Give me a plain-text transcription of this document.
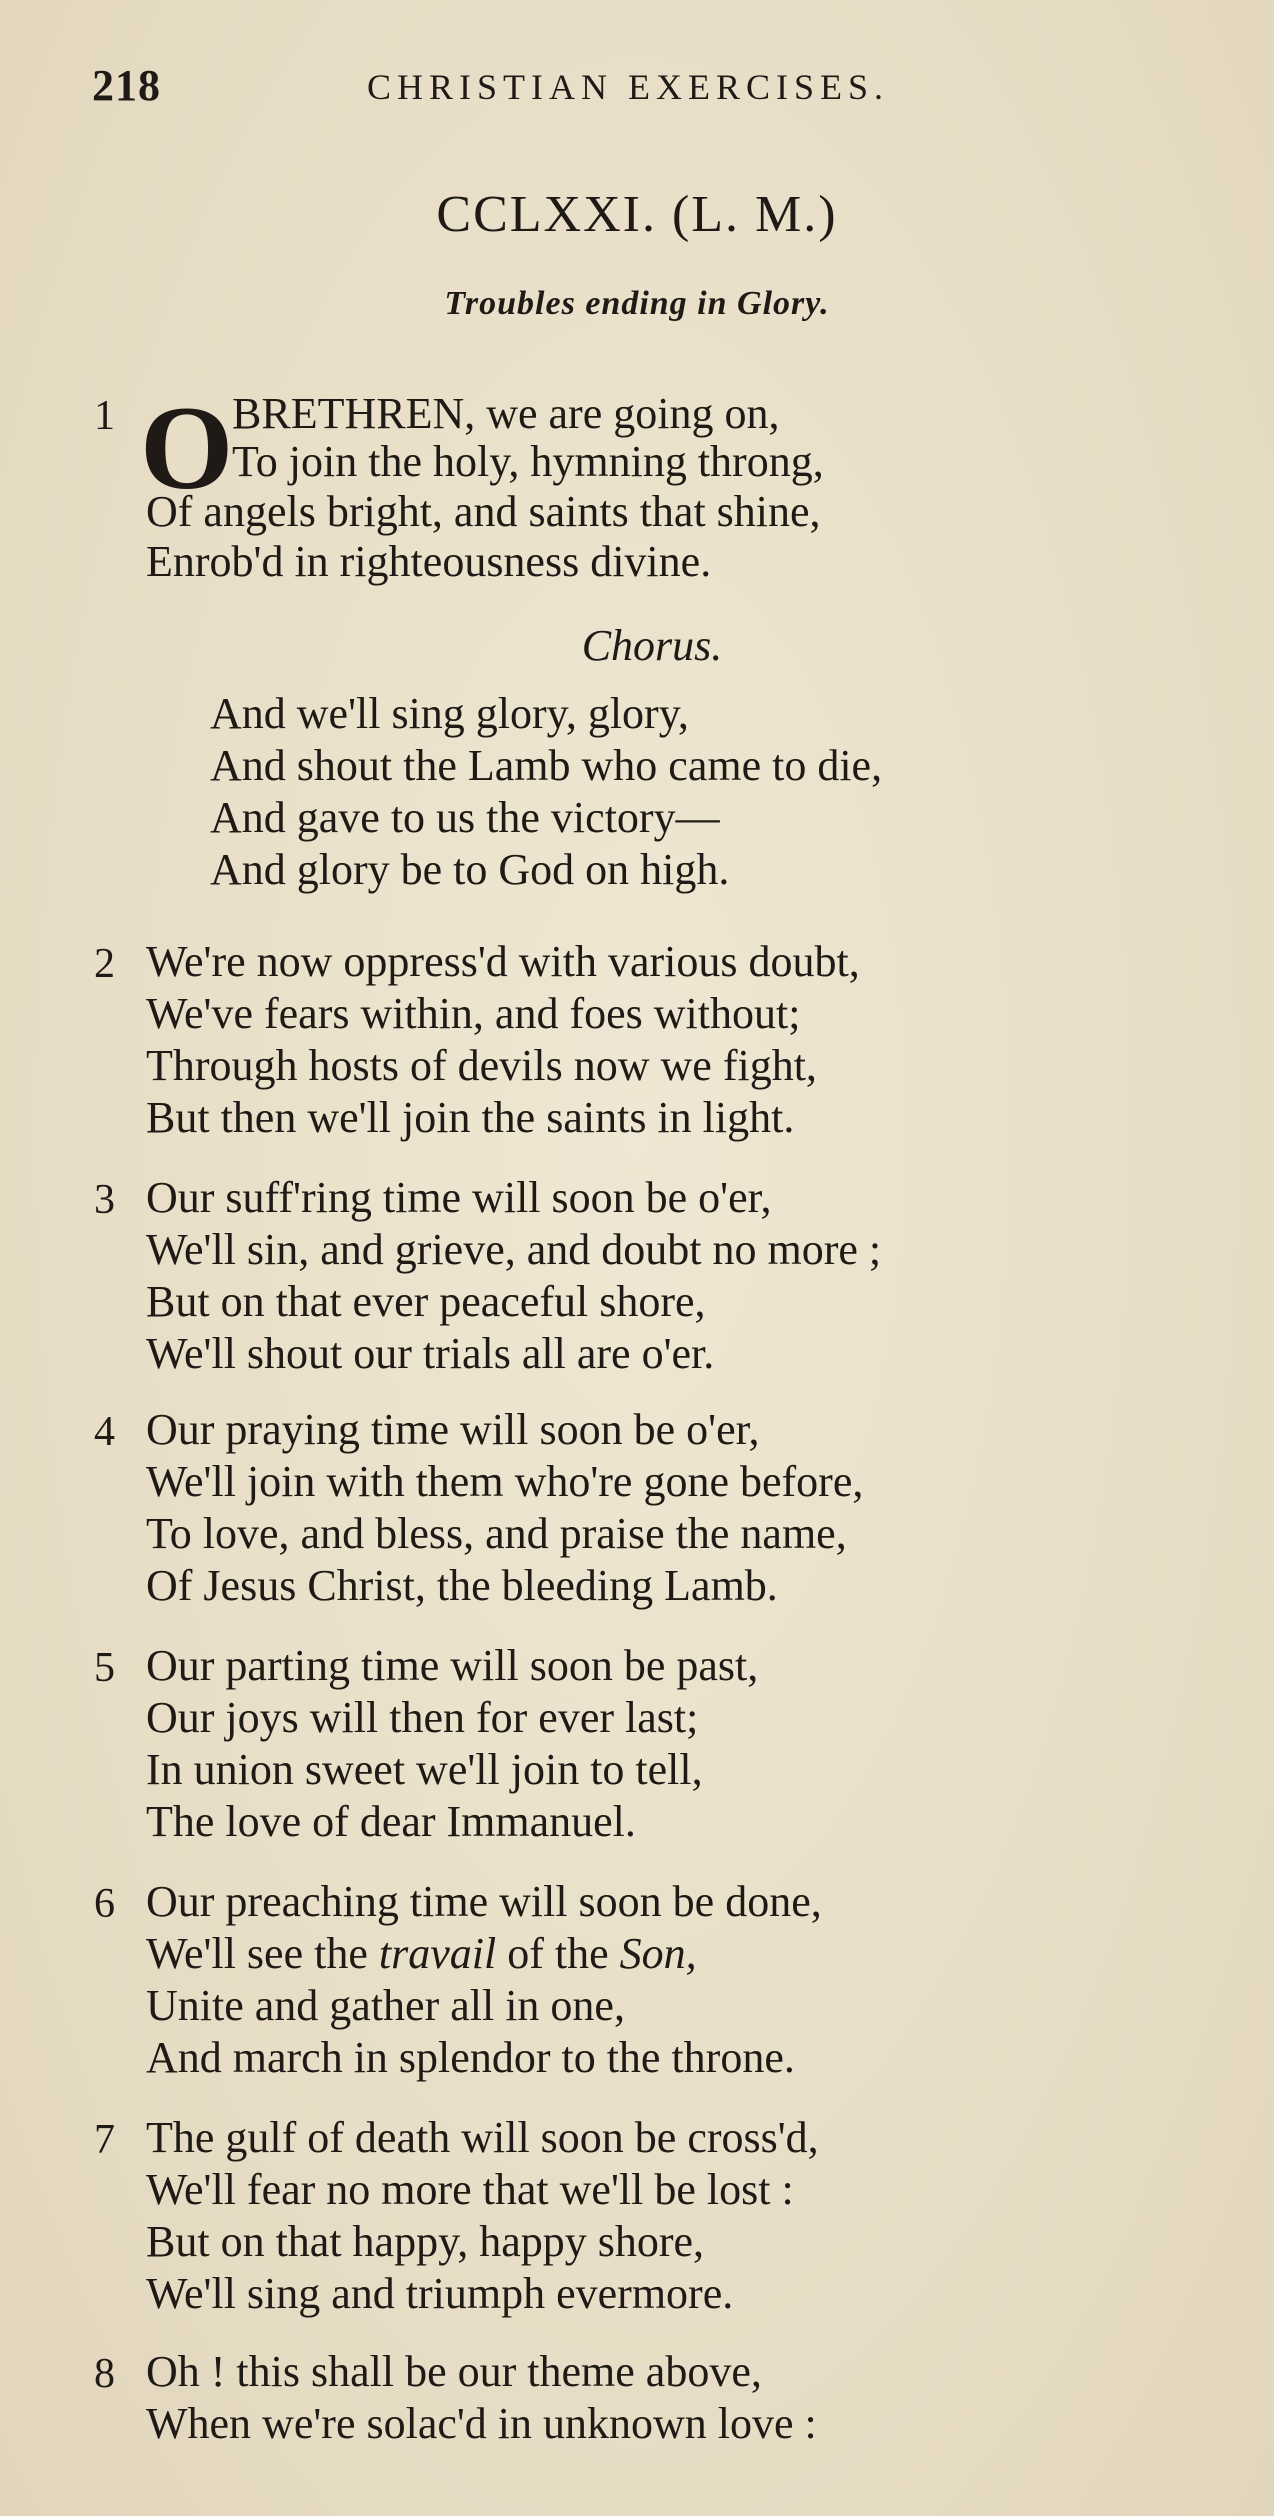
218	CHRISTIAN EXERCISES.
CCLXXI. (L. M.)
Troubles ending in Glory.
1 O
BRETHREN, we are going on,
To join the holy, hymning throng,
Of angels bright, and saints that shine,
Enrob'd in righteousness divine.
Chorus.
And we'll sing glory, glory,
And shout the Lamb who came to die,
And gave to us the victory—
And glory be to God on high.
2 We're now oppress'd with various doubt,
We've fears within, and foes without;
Through hosts of devils now we fight,
But then we'll join the saints in light.
3 Our suff'ring time will soon be o'er,
We'll sin, and grieve, and doubt no more ;
But on that ever peaceful shore,
We'll shout our trials all are o'er.
4 Our praying time will soon be o'er,
We'll join with them who're gone before,
To love, and bless, and praise the name,
Of Jesus Christ, the bleeding Lamb.
5 Our parting time will soon be past,
Our joys will then for ever last;
In union sweet we'll join to tell,
The love of dear Immanuel.
6 Our preaching time will soon be done,
We'll see the travail of the Son,
Unite and gather all in one,
And march in splendor to the throne.
7 The gulf of death will soon be cross'd,
We'll fear no more that we'll be lost :
But on that happy, happy shore,
We'll sing and triumph evermore.
8 Oh ! this shall be our theme above,
When we're solac'd in unknown love :
